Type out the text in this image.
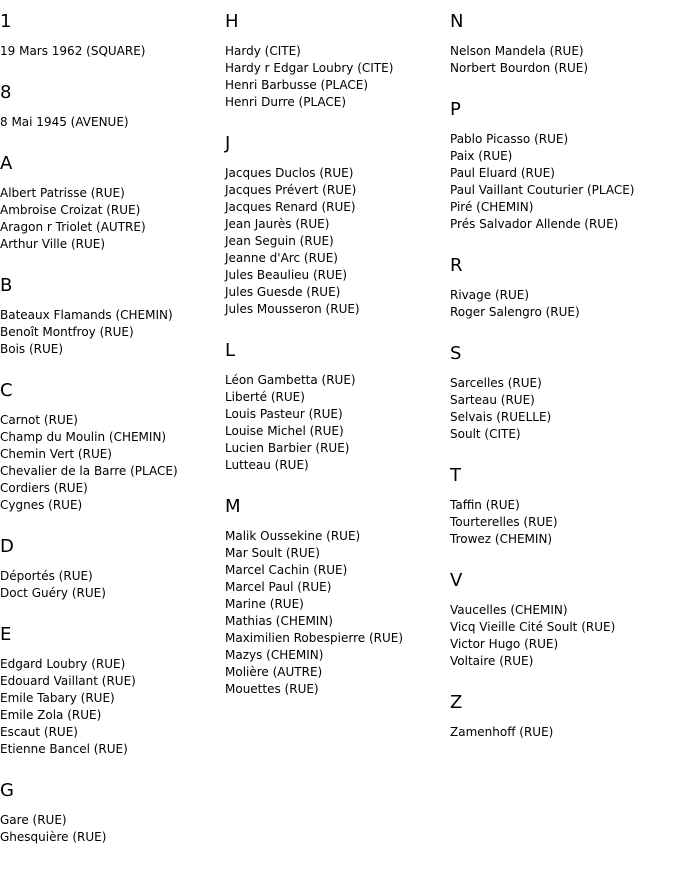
1
19 Mars 1962 (SQUARE)
8
8 Mai 1945 (AVENUE)
A
Albert Patrisse (RUE)
Ambroise Croizat (RUE)
Aragon r Triolet (AUTRE)
Arthur Ville (RUE)
B
Bateaux Flamands (CHEMIN)
Benoît Montfroy (RUE)
Bois (RUE)
C
Carnot (RUE)
Champ du Moulin (CHEMIN)
Chemin Vert (RUE)
Chevalier de la Barre (PLACE)
Cordiers (RUE)
Cygnes (RUE)
D
Déportés (RUE)
Doct Guéry (RUE)
E
Edgard Loubry (RUE)
Edouard Vaillant (RUE)
Emile Tabary (RUE)
Emile Zola (RUE)
Escaut (RUE)
Etienne Bancel (RUE)
G
Gare (RUE)
Ghesquière (RUE)
H
Hardy (CITE)
Hardy r Edgar Loubry (CITE)
Henri Barbusse (PLACE)
Henri Durre (PLACE)
J
Jacques Duclos (RUE)
Jacques Prévert (RUE)
Jacques Renard (RUE)
Jean Jaurès (RUE)
Jean Seguin (RUE)
Jeanne d'Arc (RUE)
Jules Beaulieu (RUE)
Jules Guesde (RUE)
Jules Mousseron (RUE)
L
Léon Gambetta (RUE)
Liberté (RUE)
Louis Pasteur (RUE)
Louise Michel (RUE)
Lucien Barbier (RUE)
Lutteau (RUE)
M
Malik Oussekine (RUE)
Mar Soult (RUE)
Marcel Cachin (RUE)
Marcel Paul (RUE)
Marine (RUE)
Mathias (CHEMIN)
Maximilien Robespierre (RUE)
Mazys (CHEMIN)
Molière (AUTRE)
Mouettes (RUE)
N
Nelson Mandela (RUE)
Norbert Bourdon (RUE)
P
Pablo Picasso (RUE)
Paix (RUE)
Paul Eluard (RUE)
Paul Vaillant Couturier (PLACE)
Piré (CHEMIN)
Prés Salvador Allende (RUE)
R
Rivage (RUE)
Roger Salengro (RUE)
S
Sarcelles (RUE)
Sarteau (RUE)
Selvais (RUELLE)
Soult (CITE)
T
Taffin (RUE)
Tourterelles (RUE)
Trowez (CHEMIN)
V
Vaucelles (CHEMIN)
Vicq Vieille Cité Soult (RUE)
Victor Hugo (RUE)
Voltaire (RUE)
Z
Zamenhoff (RUE)
